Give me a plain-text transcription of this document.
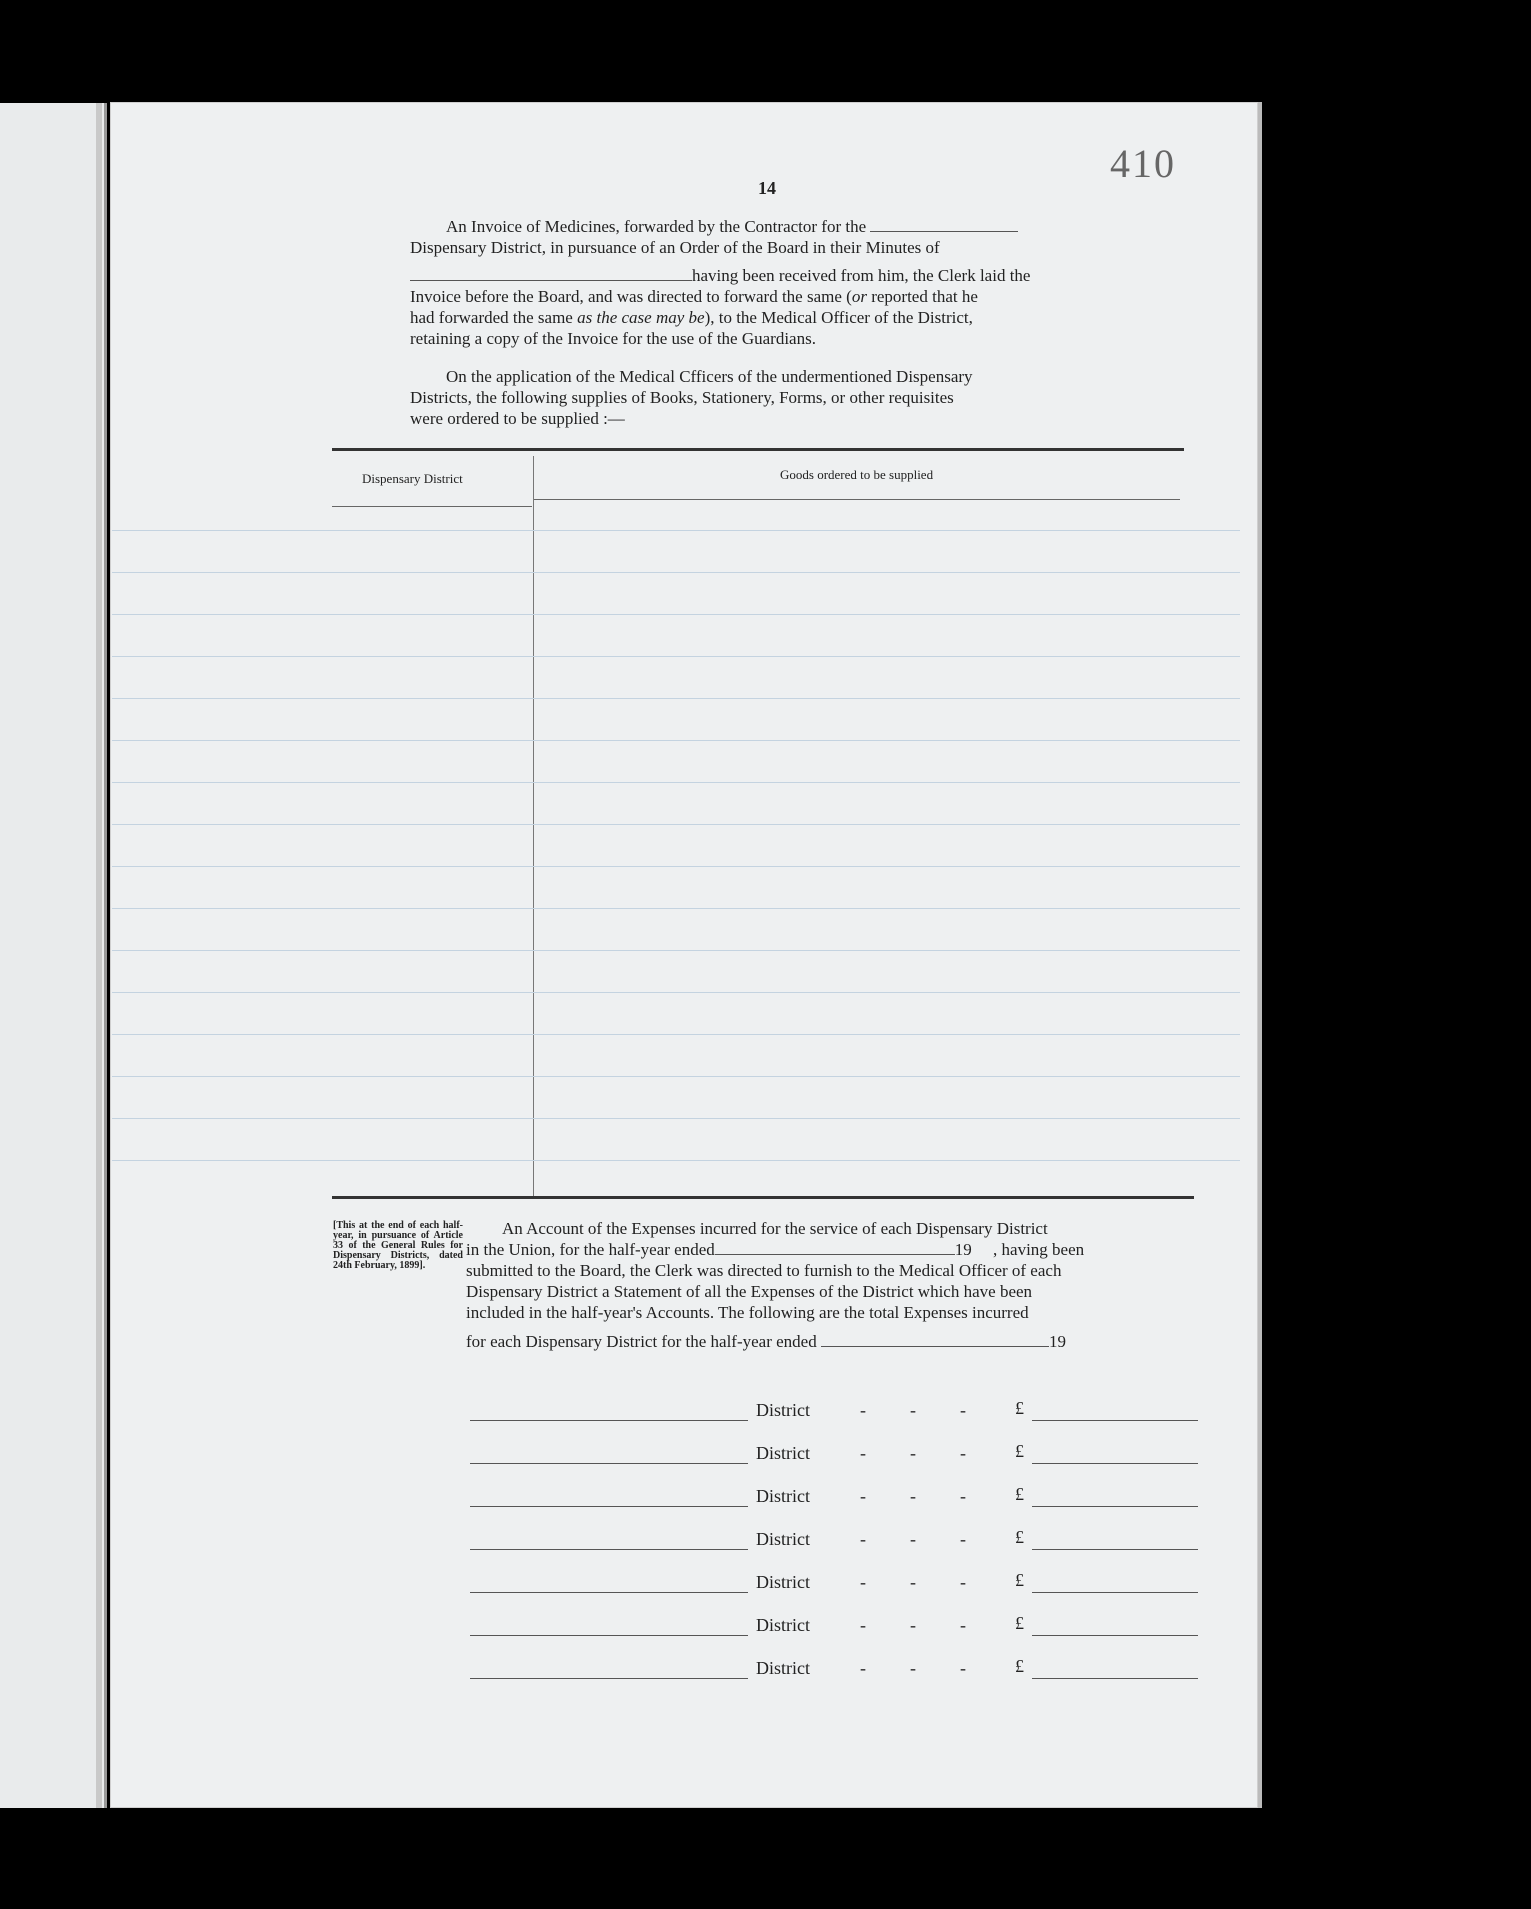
410
14

An Invoice of Medicines, forwarded by the Contractor for the

Dispensary District, in pursuance of an Order of the Board in their Minutes of

having been received from him, the Clerk laid the

Invoice before the Board, and was directed to forward the same (or reported that he

had forwarded the same as the case may be), to the Medical Officer of the District,

retaining a copy of the Invoice for the use of the Guardians.

On the application of the Medical Cfficers of the undermentioned Dispensary

Districts, the following supplies of Books, Stationery, Forms, or other requisites

were ordered to be supplied :—

Dispensary District	Goods ordered to be supplied
[This at the end of each half-year, in pursuance of Article 33 of the General Rules for Dispensary Districts, dated 24th February, 1899].

An Account of the Expenses incurred for the service of each Dispensary District

in the Union, for the half-year ended	19 , having been

submitted to the Board, the Clerk was directed to furnish to the Medical Officer of each

Dispensary District a Statement of all the Expenses of the District which have been

included in the half-year's Accounts. The following are the total Expenses incurred

for each Dispensary District for the half-year ended	19

District	- - -	£
District	- - -	£
District	- - -	£
District	- - -	£
District	- - -	£
District	- - -	£
District	- - -	£
